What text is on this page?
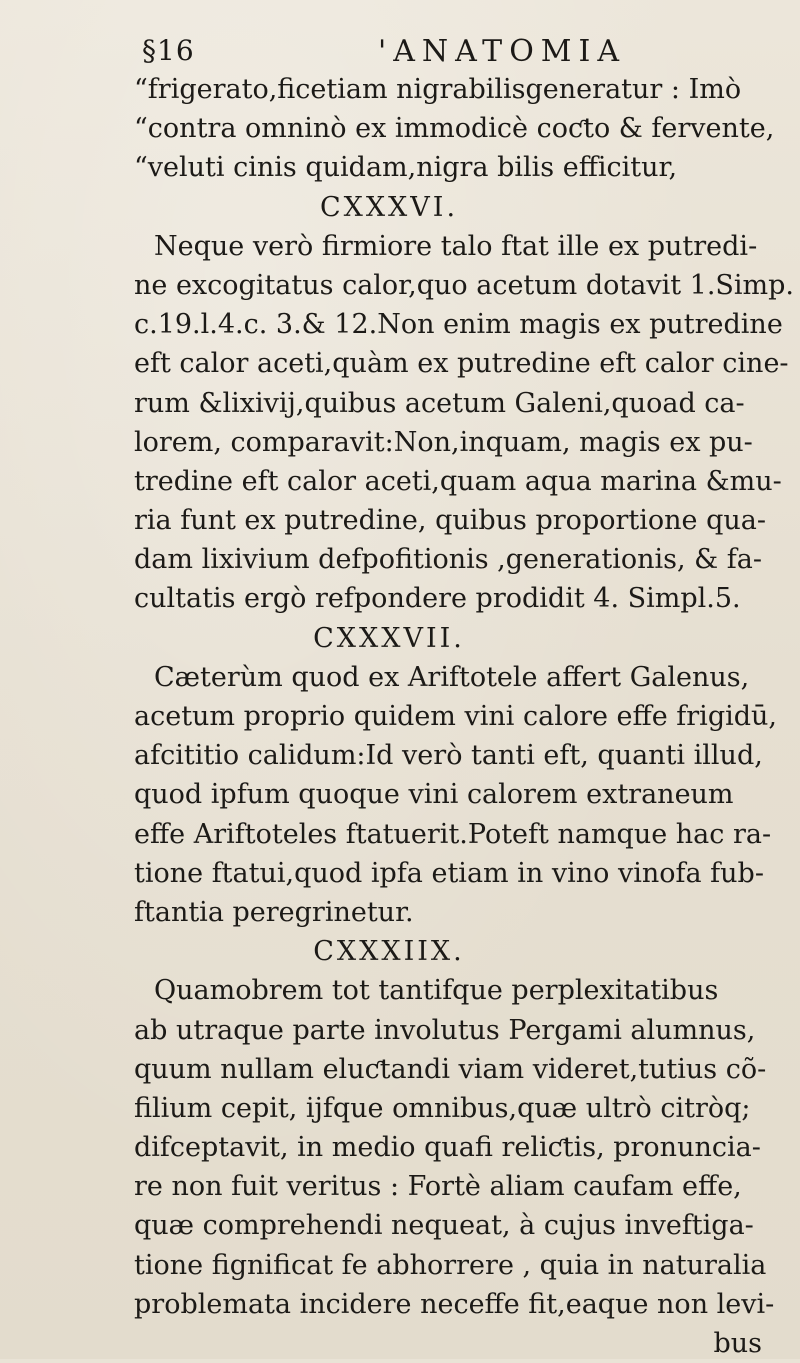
§16	'ANATOMIA
“frigerato,ficetiam nigrabilisgeneratur : Imò
“contra omninò ex immodicè coƈto & fervente,
“veluti cinis quidam,nigra bilis efficitur,
CXXXVI.
Neque verò firmiore talo ftat ille ex putredi-
ne excogitatus calor,quo acetum dotavit 1.Simp.
c.19.l.4.c. 3.& 12.Non enim magis ex putredine
eft calor aceti,quàm ex putredine eft calor cine-
rum &lixivij,quibus acetum Galeni,quoad ca-
lorem, comparavit:Non,inquam, magis ex pu-
tredine eft calor aceti,quam aqua marina &mu-
ria funt ex putredine, quibus proportione qua-
dam lixivium defpofitionis ,generationis, & fa-
cultatis ergò refpondere prodidit 4. Simpl.5.
CXXXVII.
Cæterùm quod ex Ariftotele affert Galenus,
acetum proprio quidem vini calore effe frigidū,
afcititio calidum:Id verò tanti eft, quanti illud,
quod ipfum quoque vini calorem extraneum
effe Ariftoteles ftatuerit.Poteft namque hac ra-
tione ftatui,quod ipfa etiam in vino vinofa fub-
ftantia peregrinetur.
CXXXIIX.
Quamobrem tot tantifque perplexitatibus
ab utraque parte involutus Pergami alumnus,
quum nullam eluƈtandi viam videret,tutius cõ-
filium cepit, ijfque omnibus,quæ ultrò citròq;
difceptavit, in medio quafi reliƈtis, pronuncia-
re non fuit veritus : Fortè aliam caufam effe,
quæ comprehendi nequeat, à cujus inveftiga-
tione fignificat fe abhorrere , quia in naturalia
problemata incidere neceffe fit,eaque non levi-
bus
